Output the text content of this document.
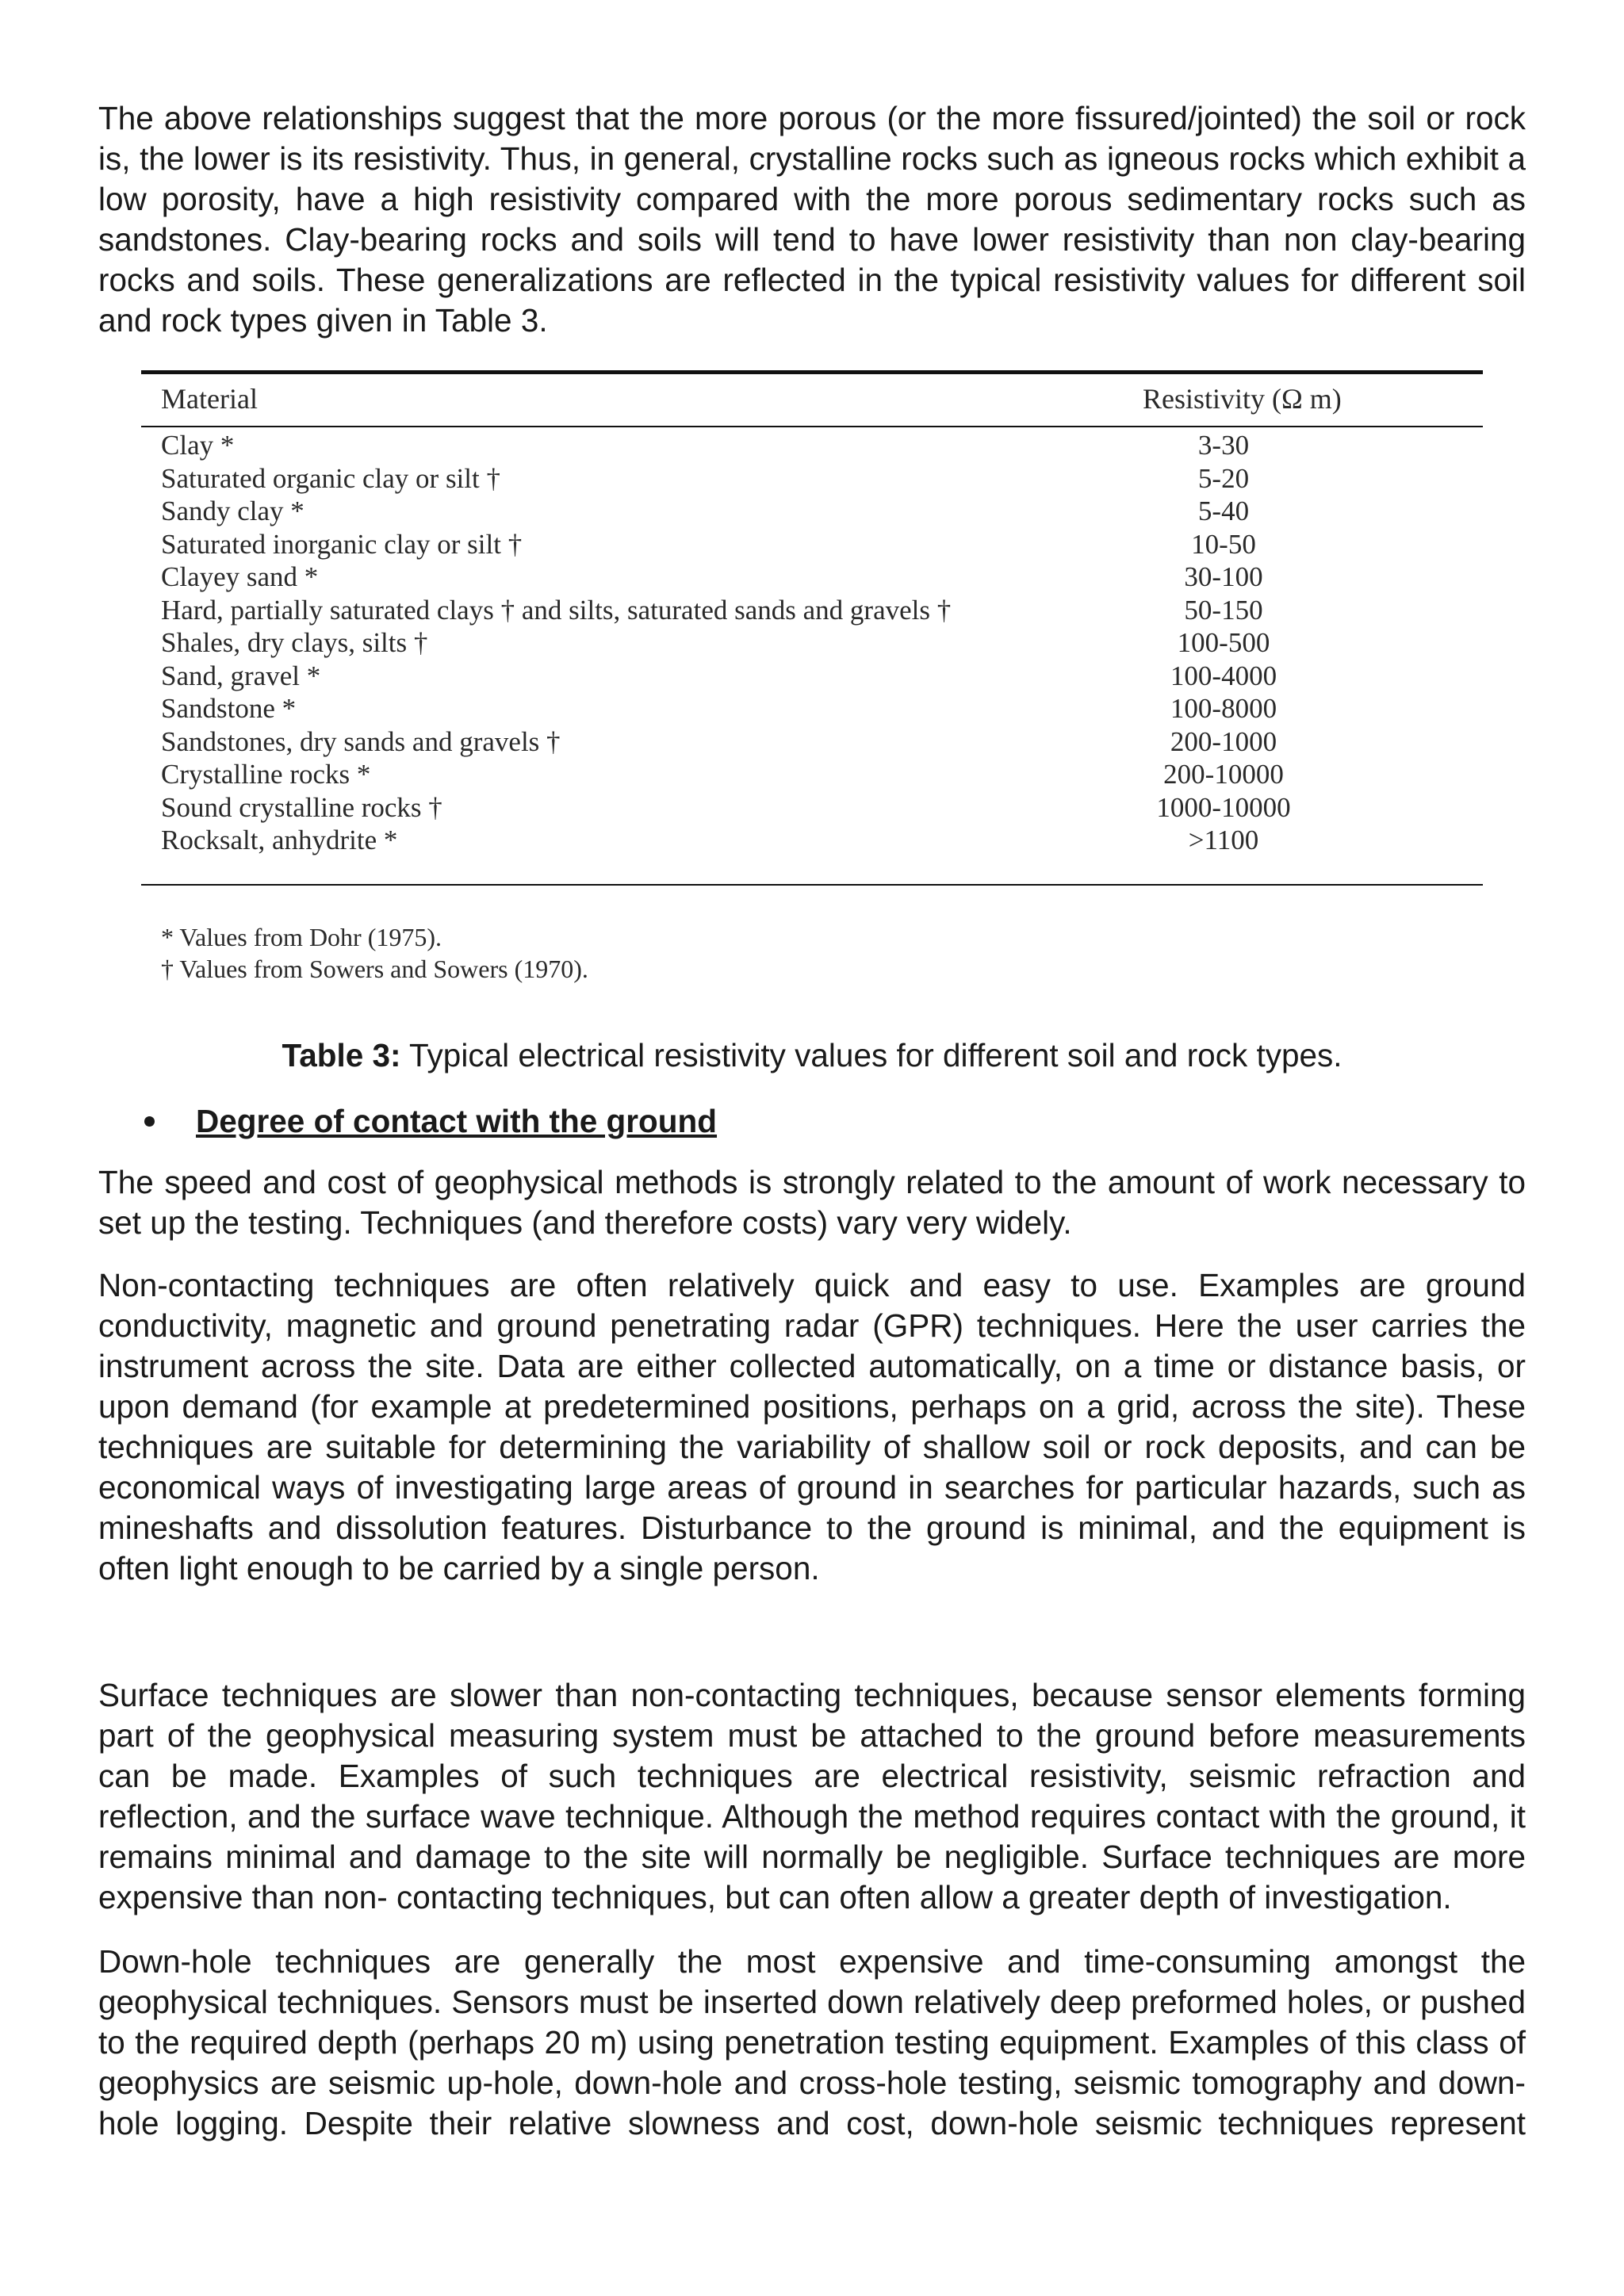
The above relationships suggest that the more porous (or the more fissured/jointed) the soil or rock is, the lower is its resistivity. Thus, in general, crystalline rocks such as igneous rocks which exhibit a low porosity, have a high resistivity compared with the more porous sedimentary rocks such as sandstones. Clay-bearing rocks and soils will tend to have lower resistivity than non clay-bearing rocks and soils. These generalizations are reflected in the typical resistivity values for different soil and rock types given in Table 3.

Material	Resistivity (Ω m)
Clay *	3-30
Saturated organic clay or silt †	5-20
Sandy clay *	5-40
Saturated inorganic clay or silt †	10-50
Clayey sand *	30-100
Hard, partially saturated clays † and silts, saturated sands and gravels †	50-150
Shales, dry clays, silts †	100-500
Sand, gravel *	100-4000
Sandstone *	100-8000
Sandstones, dry sands and gravels †	200-1000
Crystalline rocks *	200-10000
Sound crystalline rocks †	1000-10000
Rocksalt, anhydrite *	>1100
* Values from Dohr (1975).
† Values from Sowers and Sowers (1970).
Table 3: Typical electrical resistivity values for different soil and rock types.
Degree of contact with the ground

The speed and cost of geophysical methods is strongly related to the amount of work necessary to set up the testing. Techniques (and therefore costs) vary very widely.

Non-contacting techniques are often relatively quick and easy to use. Examples are ground conductivity, magnetic and ground penetrating radar (GPR) techniques. Here the user carries the instrument across the site. Data are either collected automatically, on a time or distance basis, or upon demand (for example at predetermined positions, perhaps on a grid, across the site). These techniques are suitable for determining the variability of shallow soil or rock deposits, and can be economical ways of investigating large areas of ground in searches for particular hazards, such as mineshafts and dissolution features. Disturbance to the ground is minimal, and the equipment is often light enough to be carried by a single person.

Surface techniques are slower than non-contacting techniques, because sensor elements forming part of the geophysical measuring system must be attached to the ground before measurements can be made. Examples of such techniques are electrical resistivity, seismic refraction and reflection, and the surface wave technique. Although the method requires contact with the ground, it remains minimal and damage to the site will normally be negligible. Surface techniques are more expensive than non- contacting techniques, but can often allow a greater depth of investigation.

Down-hole techniques are generally the most expensive and time-consuming amongst the geophysical techniques. Sensors must be inserted down relatively deep preformed holes, or pushed to the required depth (perhaps 20 m) using penetration testing equipment. Examples of this class of geophysics are seismic up-hole, down-hole and cross-hole testing, seismic tomography and down-hole logging. Despite their relative slowness and cost, down-hole seismic techniques represent
